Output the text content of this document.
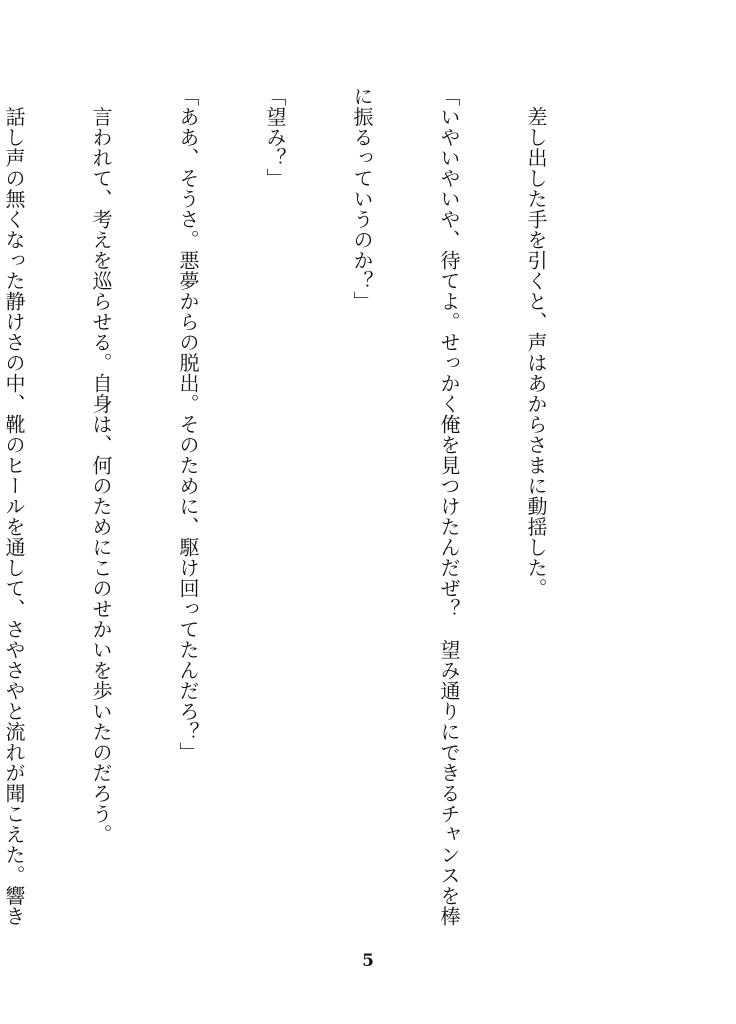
　差し出した手を引くと、声はあからさまに動揺した。

「いやいやいや、待てよ。せっかく俺を見つけたんだぜ？　望み通りにできるチャンスを棒

に振るっていうのか？」

「望み？」

「ああ、そうさ。悪夢からの脱出。そのために、駆け回ってたんだろ？」

　言われて、考えを巡らせる。自身は、何のためにこのせかいを歩いたのだろう。

　話し声の無くなった静けさの中、靴のヒールを通して、さやさやと流れが聞こえた。響き

5
